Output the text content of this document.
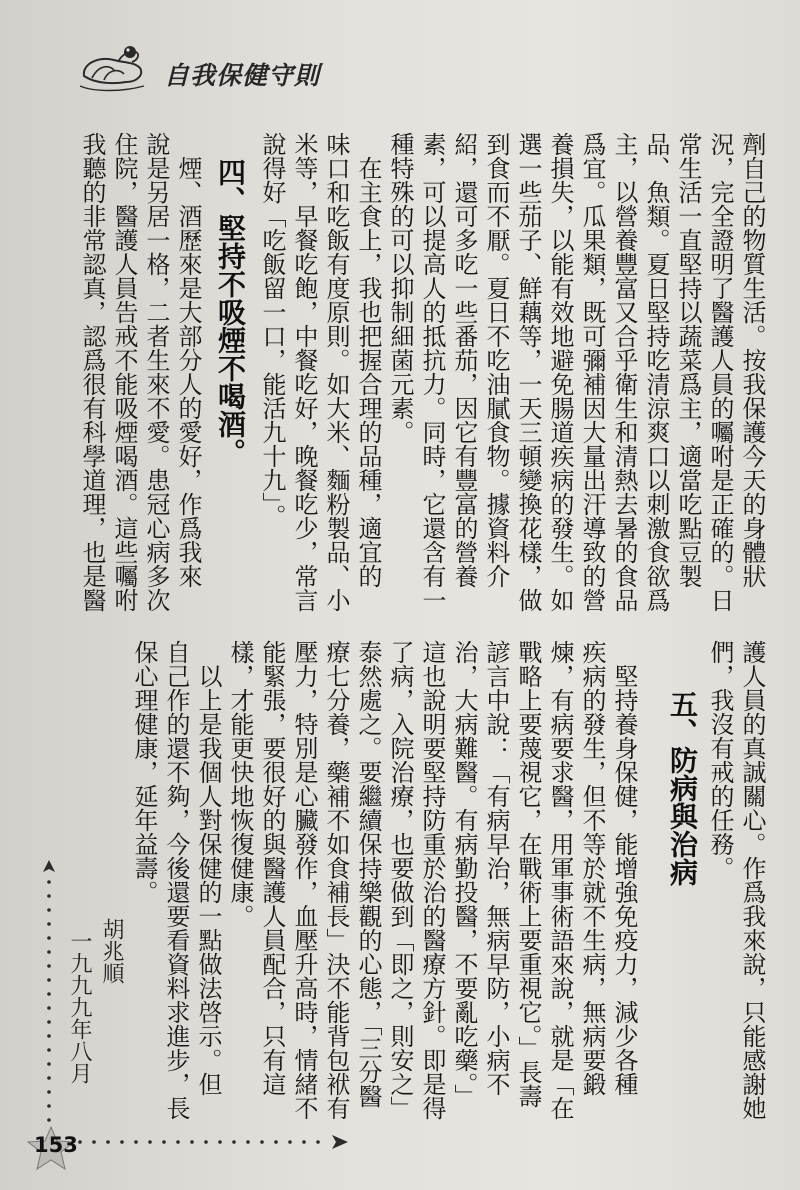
自我保健守則
劑自己的物質生活。按我保護今天的身體狀
況，完全證明了醫護人員的囑咐是正確的。日
常生活一直堅持以蔬菜爲主，適當吃點豆製
品、魚類。夏日堅持吃清涼爽口以刺激食欲爲
主，以營養豐富又合乎衛生和清熱去暑的食品
爲宜。瓜果類，既可彌補因大量出汗導致的營
養損失，以能有效地避免腸道疾病的發生。如
選一些茄子、鮮藕等，一天三頓變換花樣，做
到食而不厭。夏日不吃油膩食物。據資料介
紹，還可多吃一些番茄，因它有豐富的營養
素，可以提高人的抵抗力。同時，它還含有一
種特殊的可以抑制細菌元素。
在主食上，我也把握合理的品種，適宜的
味口和吃飯有度原則。如大米、麵粉製品、小
米等，早餐吃飽，中餐吃好，晚餐吃少，常言
說得好「吃飯留一口，能活九十九」。
四、堅持不吸煙不喝酒。
煙、酒歷來是大部分人的愛好，作爲我來
說是另居一格，二者生來不愛。患冠心病多次
住院，醫護人員告戒不能吸煙喝酒。這些囑咐
我聽的非常認真，認爲很有科學道理，也是醫
護人員的真誠關心。作爲我來說，只能感謝她
們，我沒有戒的任務。
五、防病與治病
堅持養身保健，能增強免疫力，減少各種
疾病的發生，但不等於就不生病，無病要鍛
煉，有病要求醫，用軍事術語來說，就是「在
戰略上要蔑視它，在戰術上要重視它。」長壽
諺言中說：「有病早治，無病早防，小病不
治，大病難醫。有病勤投醫，不要亂吃藥。」
這也說明要堅持防重於治的醫療方針。即是得
了病，入院治療，也要做到「即之，則安之」
泰然處之。要繼續保持樂觀的心態，「三分醫
療七分養，藥補不如食補長」決不能背包袱有
壓力，特別是心臟發作，血壓升高時，情緒不
能緊張，要很好的與醫護人員配合，只有這
樣，才能更快地恢復健康。
以上是我個人對保健的一點做法啓示。但
自己作的還不夠，今後還要看資料求進步，長
保心理健康，延年益壽。
胡兆順
一九九九年八月
153
